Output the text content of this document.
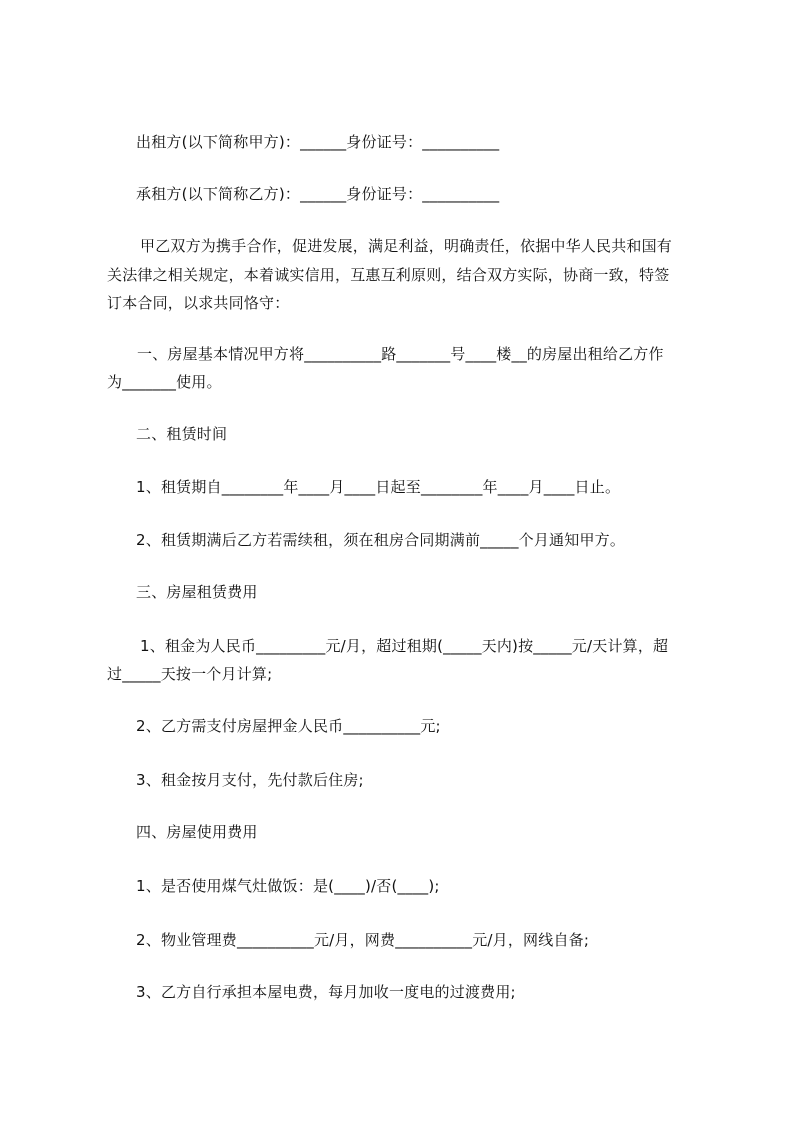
出租方(以下简称甲方)：______身份证号：__________
承租方(以下简称乙方)：______身份证号：__________
甲乙双方为携手合作，促进发展，满足利益，明确责任，依据中华人民共和国有
关法律之相关规定，本着诚实信用，互惠互利原则，结合双方实际，协商一致，特签
订本合同，以求共同恪守：
一、房屋基本情况甲方将__________路_______号____楼__的房屋出租给乙方作
为_______使用。
二、租赁时间
1、租赁期自________年____月____日起至________年____月____日止。
2、租赁期满后乙方若需续租，须在租房合同期满前_____个月通知甲方。
三、房屋租赁费用
1、租金为人民币_________元/月，超过租期(_____天内)按_____元/天计算，超
过_____天按一个月计算;
2、乙方需支付房屋押金人民币__________元;
3、租金按月支付，先付款后住房;
四、房屋使用费用
1、是否使用煤气灶做饭：是(____)/否(____);
2、物业管理费__________元/月，网费__________元/月，网线自备;
3、乙方自行承担本屋电费，每月加收一度电的过渡费用;
